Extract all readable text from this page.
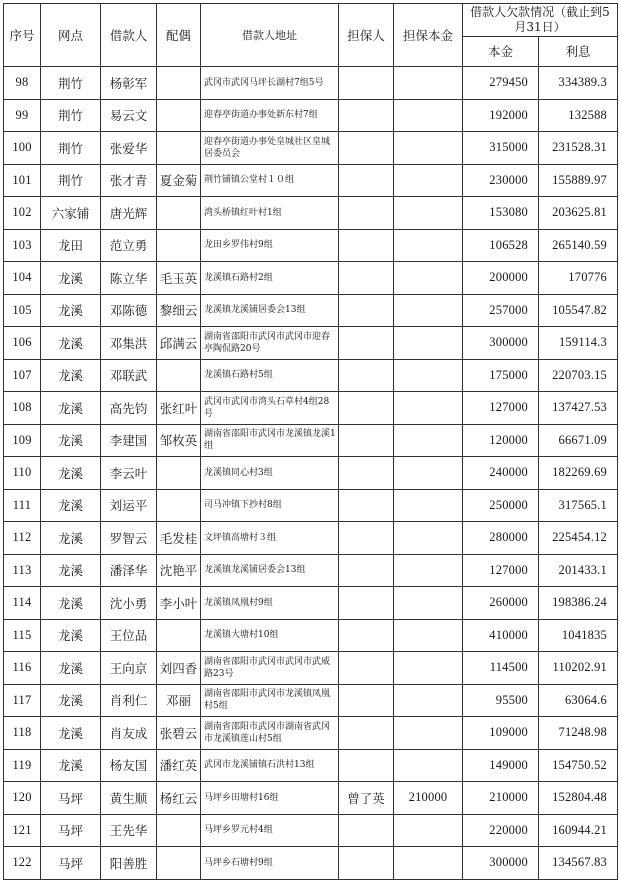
序号	网点	借款人	配偶	借款人地址	担保人	担保本金	借款人欠款情况（截止到5月31日）	
							本金	利息
98	荆竹	杨彰军		武冈市武冈马坪长湖村7组5号			279450	334389.3
99	荆竹	易云文		迎春亭街道办事处新东村7组			192000	132588
100	荆竹	张爱华		迎春亭街道办事处皇城社区皇城居委员会			315000	231528.31
101	荆竹	张才青	夏金菊	荆竹铺镇公堂村１０组			230000	155889.97
102	六家铺	唐光辉		湾头桥镇红叶村1组			153080	203625.81
103	龙田	范立勇		龙田乡罗伟村9组			106528	265140.59
104	龙溪	陈立华	毛玉英	龙溪镇石路村2组			200000	170776
105	龙溪	邓陈德	黎细云	龙溪镇龙溪铺居委会13组			257000	105547.82
106	龙溪	邓集洪	邱满云	湖南省邵阳市武冈市武冈市迎春亭陶侃路20号			300000	159114.3
107	龙溪	邓联武		龙溪镇石路村5组			175000	220703.15
108	龙溪	高先钧	张红叶	武冈市武冈市湾头石草村4组28号			127000	137427.53
109	龙溪	李建国	邹枚英	湖南省邵阳市武冈市龙溪镇龙溪1组			120000	66671.09
110	龙溪	李云叶		龙溪镇同心村3组			240000	182269.69
111	龙溪	刘运平		司马冲镇下抄村8组			250000	317565.1
112	龙溪	罗智云	毛发桂	文坪镇高塘村３组			280000	225454.12
113	龙溪	潘泽华	沈艳平	龙溪镇龙溪铺居委会13组			127000	201433.1
114	龙溪	沈小勇	李小叶	龙溪镇凤凰村9组			260000	198386.24
115	龙溪	王位品		龙溪镇大塘村10组			410000	1041835
116	龙溪	王向京	刘四香	湖南省邵阳市武冈市武冈市武威路23号			114500	110202.91
117	龙溪	肖利仁	邓丽	湖南省邵阳市武冈市龙溪镇凤凰村5组			95500	63064.6
118	龙溪	肖友成	张碧云	湖南省邵阳市武冈市湖南省武冈市龙溪镇莲山村5组			109000	71248.98
119	龙溪	杨友国	潘红英	武冈市龙溪铺镇石洪村13组			149000	154750.52
120	马坪	黄生顺	杨红云	马坪乡田塘村16组	曾了英	210000	210000	152804.48
121	马坪	王先华		马坪乡罗元村4组			220000	160944.21
122	马坪	阳善胜		马坪乡石塘村9组			300000	134567.83
